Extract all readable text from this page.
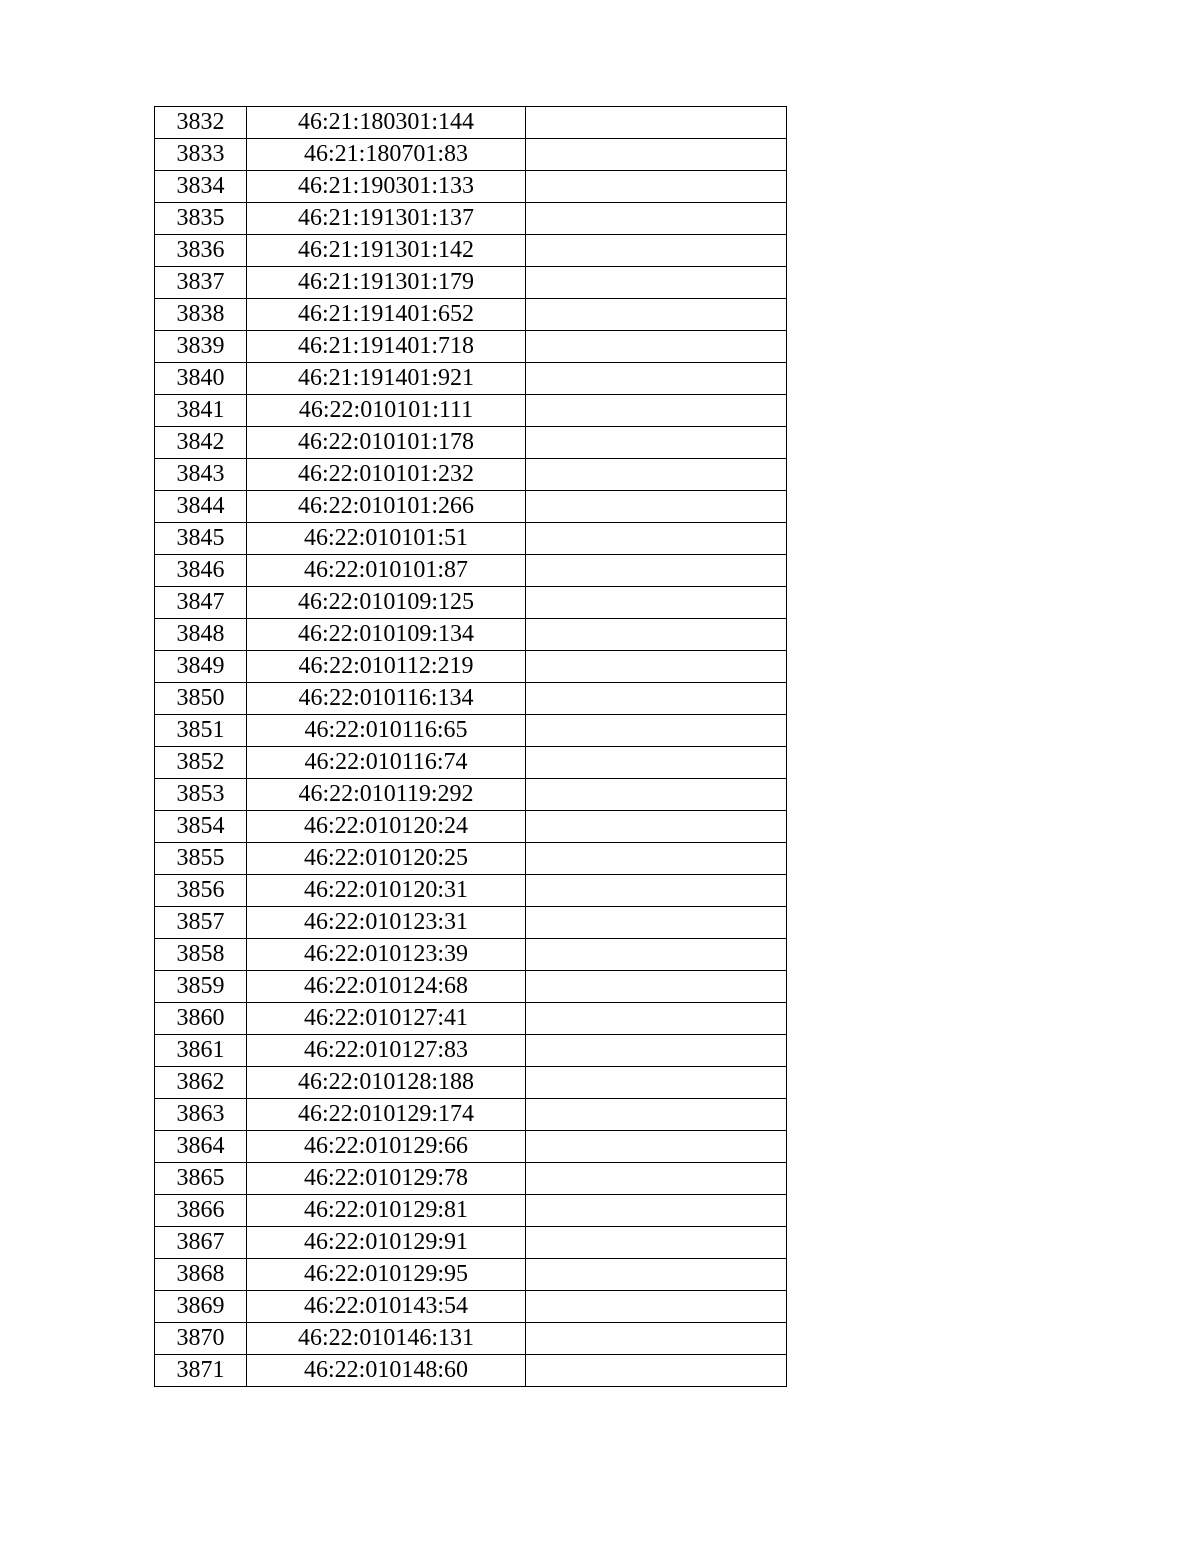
3832	46:21:180301:144	
3833	46:21:180701:83	
3834	46:21:190301:133	
3835	46:21:191301:137	
3836	46:21:191301:142	
3837	46:21:191301:179	
3838	46:21:191401:652	
3839	46:21:191401:718	
3840	46:21:191401:921	
3841	46:22:010101:111	
3842	46:22:010101:178	
3843	46:22:010101:232	
3844	46:22:010101:266	
3845	46:22:010101:51	
3846	46:22:010101:87	
3847	46:22:010109:125	
3848	46:22:010109:134	
3849	46:22:010112:219	
3850	46:22:010116:134	
3851	46:22:010116:65	
3852	46:22:010116:74	
3853	46:22:010119:292	
3854	46:22:010120:24	
3855	46:22:010120:25	
3856	46:22:010120:31	
3857	46:22:010123:31	
3858	46:22:010123:39	
3859	46:22:010124:68	
3860	46:22:010127:41	
3861	46:22:010127:83	
3862	46:22:010128:188	
3863	46:22:010129:174	
3864	46:22:010129:66	
3865	46:22:010129:78	
3866	46:22:010129:81	
3867	46:22:010129:91	
3868	46:22:010129:95	
3869	46:22:010143:54	
3870	46:22:010146:131	
3871	46:22:010148:60	
